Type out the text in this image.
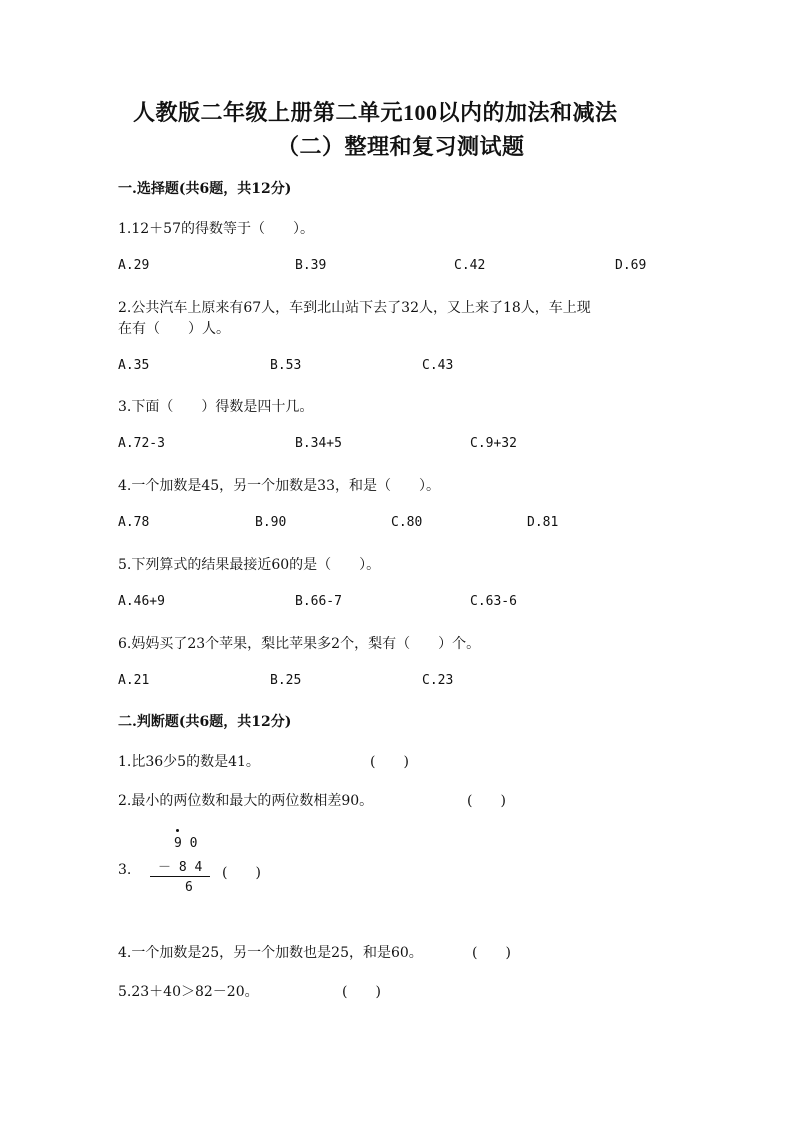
人教版二年级上册第二单元100以内的加法和减法
（二）整理和复习测试题
一.选择题(共6题，共12分)
1.12＋57的得数等于（　　）。
A.29	B.39	C.42	D.69
2.公共汽车上原来有67人，车到北山站下去了32人，又上来了18人，车上现
在有（　　）人。
A.35	B.53	C.43
3.下面（　　）得数是四十几。
A.72-3	B.34+5	C.9+32
4.一个加数是45，另一个加数是33，和是（　　）。
A.78	B.90	C.80	D.81
5.下列算式的结果最接近60的是（　　）。
A.46+9	B.66-7	C.63-6
6.妈妈买了23个苹果，梨比苹果多2个，梨有（　　）个。
A.21	B.25	C.23
二.判断题(共6题，共12分)
1.比36少5的数是41。	(　　)
2.最小的两位数和最大的两位数相差90。	(　　)
3.
9 0
－ 8 4
6
(　　)
4.一个加数是25，另一个加数也是25，和是60。	(　　)
5.23＋40＞82－20。	(　　)
